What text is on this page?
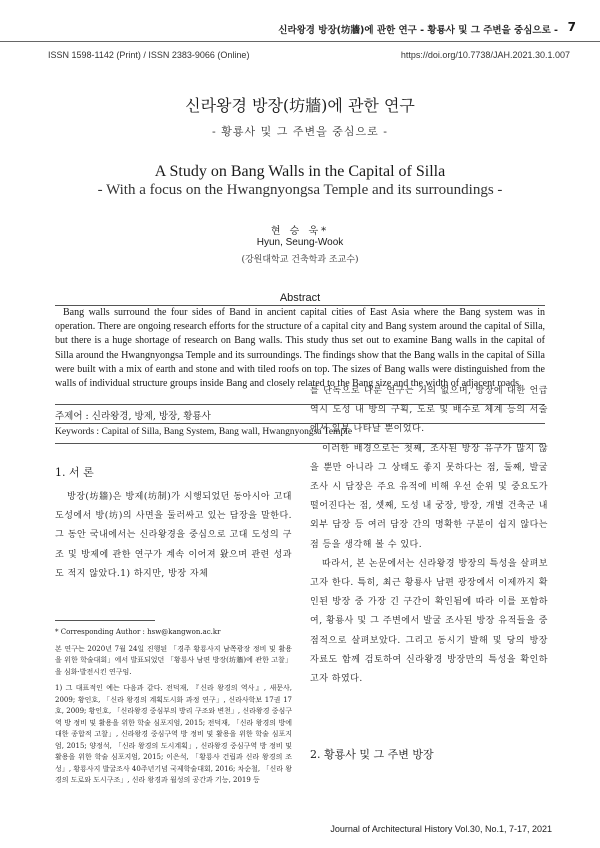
신라왕경 방장(坊牆)에 관한 연구 - 황룡사 및 그 주변을 중심으로 - 7
ISSN 1598-1142 (Print) / ISSN 2383-9066 (Online)	https://doi.org/10.7738/JAH.2021.30.1.007
신라왕경 방장(坊牆)에 관한 연구
- 황룡사 및 그 주변을 중심으로 -
A Study on Bang Walls in the Capital of Silla
- With a focus on the Hwangnyongsa Temple and its surroundings -
현 승 욱*
Hyun, Seung-Wook
(강원대학교 건축학과 조교수)
Abstract

Bang walls surround the four sides of Band in ancient capital cities of East Asia where the Bang system was in operation. There are ongoing research efforts for the structure of a capital city and Bang system around the capital of Silla, but there is a huge shortage of research on Bang walls. This study thus set out to examine Bang walls in the capital of Silla around the Hwangnyongsa Temple and its surroundings. The findings show that the Bang walls in the capital of Silla were built with a mix of earth and stone and with tiled roofs on top. The sizes of Bang walls were distinguished from the walls of individual structure groups inside Bang and closely related to the Bang size and the width of adjacent roads.

주제어 : 신라왕경, 방제, 방장, 황룡사
Keywords : Capital of Silla, Bang System, Bang wall, Hwangnyongsa Temple
1. 서 론

방장(坊牆)은 방제(坊制)가 시행되었던 동아시아 고대 도성에서 방(坊)의 사면을 둘러싸고 있는 담장을 말한다. 그 동안 국내에서는 신라왕경을 중심으로 고대 도성의 구조 및 방제에 관한 연구가 계속 이어져 왔으며 관련 성과도 적지 않았다.1) 하지만, 방장 자체

* Corresponding Author : hsw@kangwon.ac.kr

본 연구는 2020년 7월 24일 진행된 「경주 황룡사지 남쪽광장 정비 및 활용을 위한 학술대회」에서 발표되었던 「황룡사 남편 방장(坊牆)에 관한 고찰」을 심화·발전시킨 연구임.

1) 그 대표적인 예는 다음과 같다. 전덕재, 『신라 왕경의 역사』, 새문사, 2009; 황인호, 「신라 왕경의 계획도시화 과정 연구」, 신라사학보 17권 17호, 2009; 황인호, 「신라왕경 중심부의 방리 구조와 변천」, 신라왕경 중심구역 방 정비 및 활용을 위한 학술 심포지엄, 2015; 전덕재, 「신라 왕경의 방에 대한 종합적 고찰」, 신라왕경 중심구역 방 정비 및 활용을 위한 학술 심포지엄, 2015; 양정석, 「신라 왕경의 도시계획」, 신라왕경 중심구역 방 정비 및 활용을 위한 학술 심포지엄, 2015; 이은석, 「황룡사 건립과 신라 왕경의 조성」, 황룡사지 발굴조사 40주년기념 국제학술대회, 2016; 차순철, 「신라 왕경의 도로와 도시구조」, 신라 왕경과 월성의 공간과 기능, 2019 등

를 단독으로 다룬 연구는 거의 없으며, 방장에 대한 언급 역시 도성 내 방의 구획, 도로 및 배수로 체계 등의 서술에서 일부 나타날 뿐이었다.

이러한 배경으로는 첫째, 조사된 방장 유구가 많지 않을 뿐만 아니라 그 상태도 좋지 못하다는 점, 둘째, 발굴조사 시 담장은 주요 유적에 비해 우선 순위 및 중요도가 떨어진다는 점, 셋째, 도성 내 궁장, 방장, 개별 건축군 내외부 담장 등 여러 담장 간의 명확한 구분이 쉽지 않다는 점 등을 생각해 볼 수 있다.

따라서, 본 논문에서는 신라왕경 방장의 특성을 살펴보고자 한다. 특히, 최근 황룡사 남편 광장에서 이제까지 확인된 방장 중 가장 긴 구간이 확인됨에 따라 이를 포함하여, 황룡사 및 그 주변에서 발굴 조사된 방장 유적들을 중점적으로 살펴보았다. 그리고 동시기 발해 및 당의 방장 자료도 함께 검토하여 신라왕경 방장만의 특성을 확인하고자 하였다.

2. 황룡사 및 그 주변 방장
Journal of Architectural History Vol.30, No.1, 7-17, 2021
